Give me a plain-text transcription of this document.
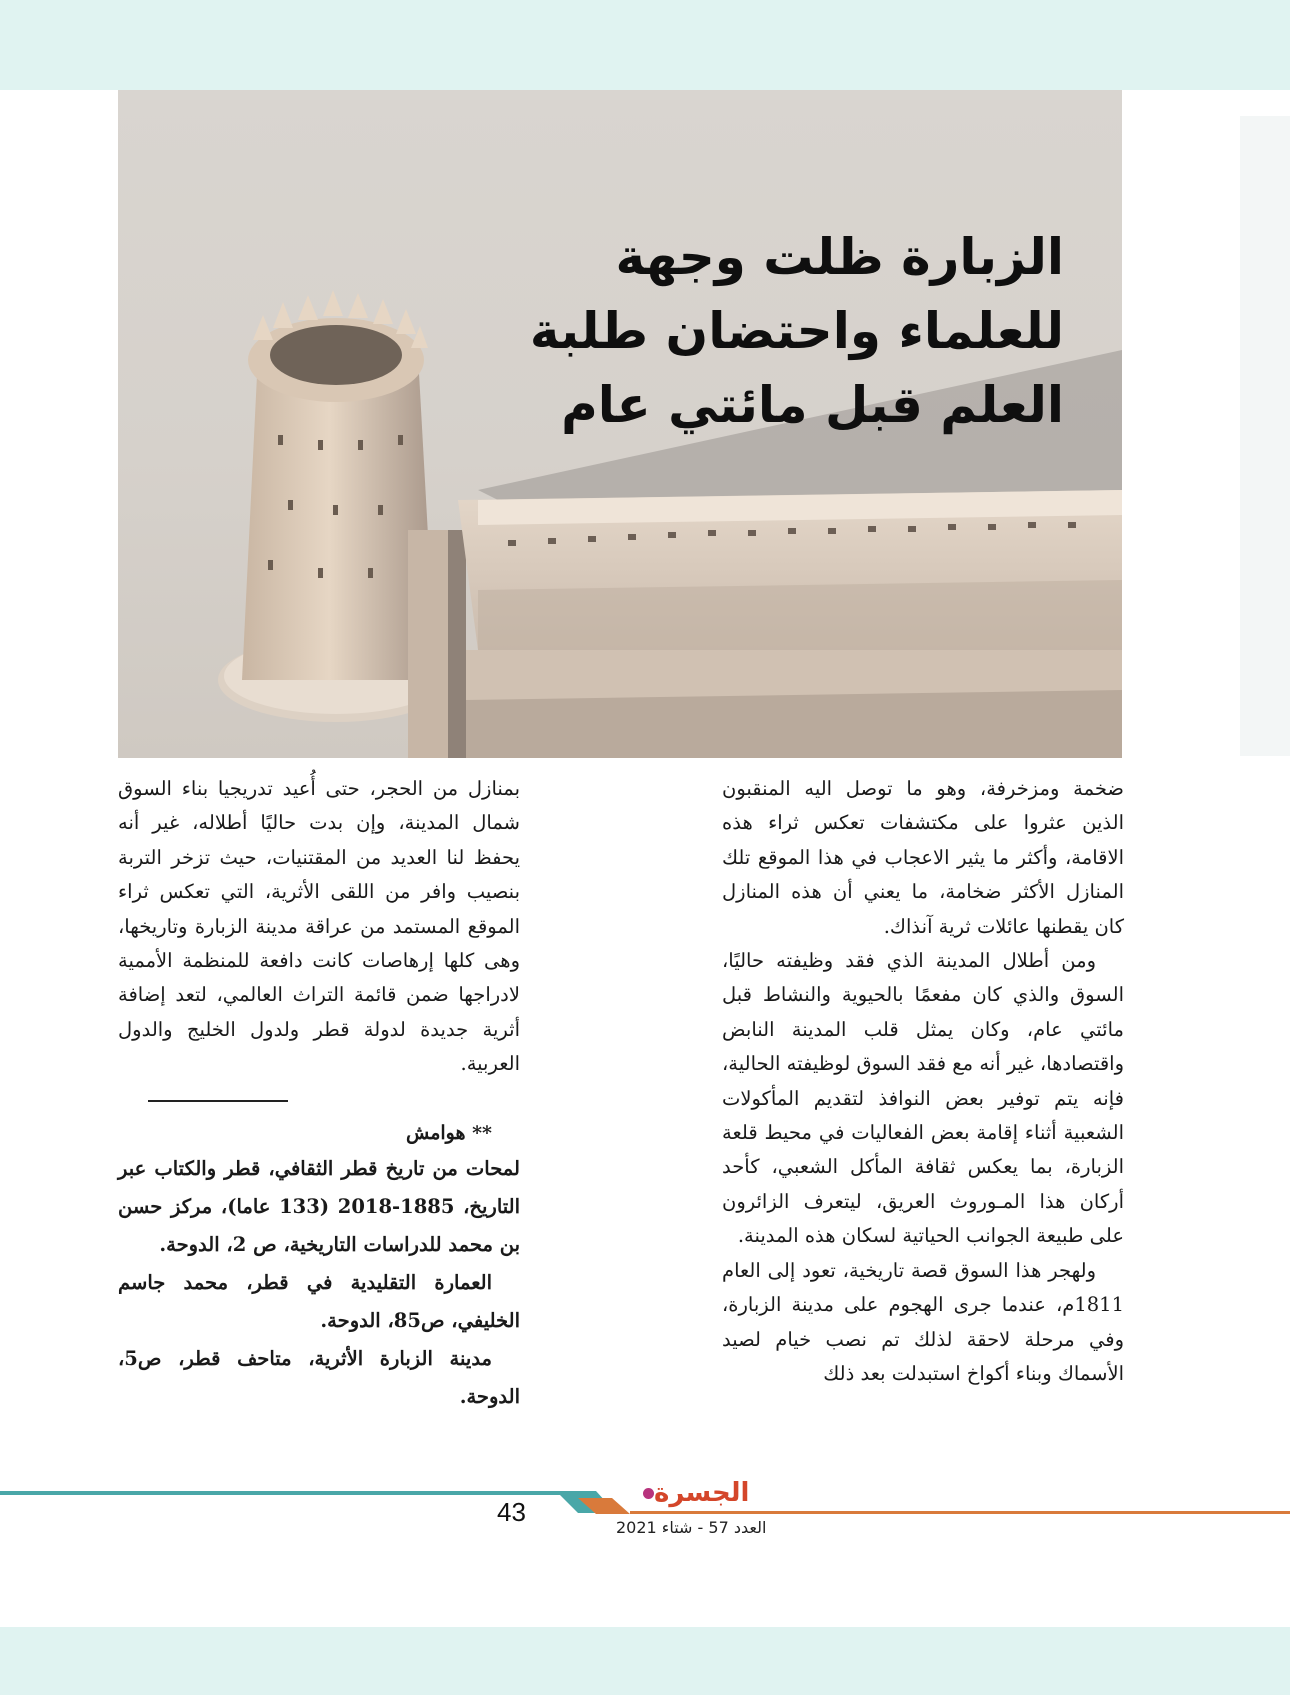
الزبارة ظلت وجهة
للعلماء واحتضان طلبة
العلم قبل مائتي عام

ضخمة ومزخرفة، وهو ما توصل اليه المنقبون الذين عثروا على مكتشفات تعكس ثراء هذه الاقامة، وأكثر ما يثير الاعجاب في هذا الموقع تلك المنازل الأكثر ضخامة، ما يعني أن هذه المنازل كان يقطنها عائلات ثرية آنذاك.

ومن أطلال المدينة الذي فقد وظيفته حاليًا، السوق والذي كان مفعمًا بالحيوية والنشاط قبل مائتي عام، وكان يمثل قلب المدينة النابض واقتصادها، غير أنه مع فقد السوق لوظيفته الحالية، فإنه يتم توفير بعض النوافذ لتقديم المأكولات الشعبية أثناء إقامة بعض الفعاليات في محيط قلعة الزبارة، بما يعكس ثقافة المأكل الشعبي، كأحد أركان هذا المـوروث العريق، ليتعرف الزائرون على طبيعة الجوانب الحياتية لسكان هذه المدينة.

ولهجر هذا السوق قصة تاريخية، تعود إلى العام 1811م، عندما جرى الهجوم على مدينة الزبارة، وفي مرحلة لاحقة لذلك تم نصب خيام لصيد الأسماك وبناء أكواخ استبدلت بعد ذلك

بمنازل من الحجر، حتى أُعيد تدريجيا بناء السوق شمال المدينة، وإن بدت حاليًا أطلاله، غير أنه يحفظ لنا العديد من المقتنيات، حيث تزخر التربة بنصيب وافر من اللقى الأثرية، التي تعكس ثراء الموقع المستمد من عراقة مدينة الزبارة وتاريخها، وهى كلها إرهاصات كانت دافعة للمنظمة الأممية لادراجها ضمن قائمة التراث العالمي، لتعد إضافة أثرية جديدة لدولة قطر ولدول الخليج والدول العربية.

** هوامش

لمحات من تاريخ قطر الثقافي، قطر والكتاب عبر التاريخ، 1885-2018 (133 عاما)، مركز حسن بن محمد للدراسات التاريخية، ص 2، الدوحة.

العمارة التقليدية في قطر، محمد جاسم الخليفي، ص85، الدوحة.

مدينة الزبارة الأثرية، متاحف قطر، ص5، الدوحة.

43
الجسرة
العدد 57 - شتاء 2021
